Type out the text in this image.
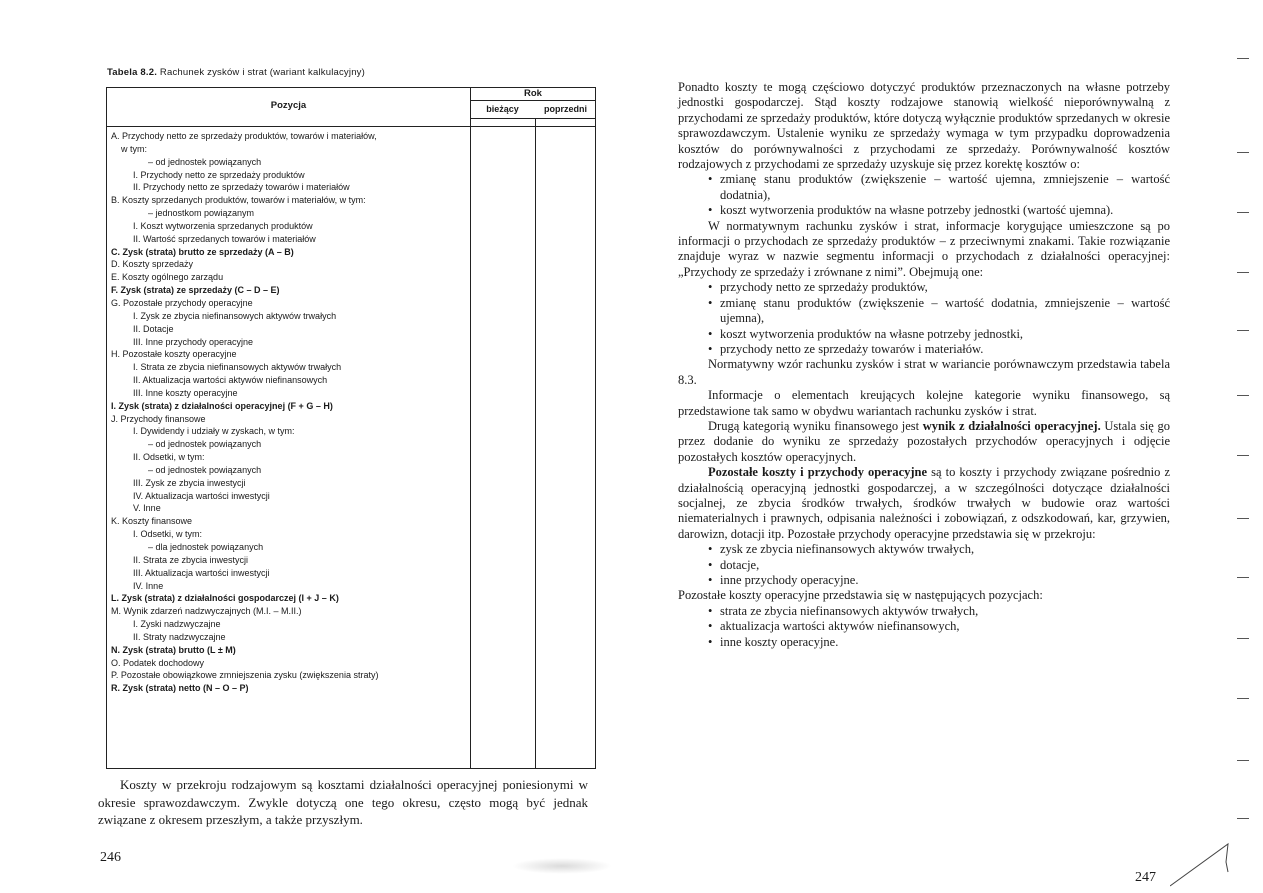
Tabela 8.2. Rachunek zysków i strat (wariant kalkulacyjny)
Pozycja
Rok
bieżący	poprzedni
A. Przychody netto ze sprzedaży produktów, towarów i materiałów,
w tym:
– od jednostek powiązanych
I. Przychody netto ze sprzedaży produktów
II. Przychody netto ze sprzedaży towarów i materiałów
B. Koszty sprzedanych produktów, towarów i materiałów, w tym:
– jednostkom powiązanym
I. Koszt wytworzenia sprzedanych produktów
II. Wartość sprzedanych towarów i materiałów
C. Zysk (strata) brutto ze sprzedaży (A – B)
D. Koszty sprzedaży
E. Koszty ogólnego zarządu
F. Zysk (strata) ze sprzedaży (C – D – E)
G. Pozostałe przychody operacyjne
I. Zysk ze zbycia niefinansowych aktywów trwałych
II. Dotacje
III. Inne przychody operacyjne
H. Pozostałe koszty operacyjne
I. Strata ze zbycia niefinansowych aktywów trwałych
II. Aktualizacja wartości aktywów niefinansowych
III. Inne koszty operacyjne
I. Zysk (strata) z działalności operacyjnej (F + G – H)
J. Przychody finansowe
I. Dywidendy i udziały w zyskach, w tym:
– od jednostek powiązanych
II. Odsetki, w tym:
– od jednostek powiązanych
III. Zysk ze zbycia inwestycji
IV. Aktualizacja wartości inwestycji
V. Inne
K. Koszty finansowe
I. Odsetki, w tym:
– dla jednostek powiązanych
II. Strata ze zbycia inwestycji
III. Aktualizacja wartości inwestycji
IV. Inne
L. Zysk (strata) z działalności gospodarczej (I + J – K)
M. Wynik zdarzeń nadzwyczajnych (M.I. – M.II.)
I. Zyski nadzwyczajne
II. Straty nadzwyczajne
N. Zysk (strata) brutto (L ± M)
O. Podatek dochodowy
P. Pozostałe obowiązkowe zmniejszenia zysku (zwiększenia straty)
R. Zysk (strata) netto (N – O – P)

Koszty w przekroju rodzajowym są kosztami działalności operacyjnej poniesionymi w okresie sprawozdawczym. Zwykle dotyczą one tego okresu, często mogą być jednak związane z okresem przeszłym, a także przyszłym.

246

Ponadto koszty te mogą częściowo dotyczyć produktów przeznaczonych na własne potrzeby jednostki gospodarczej. Stąd koszty rodzajowe stanowią wielkość nieporównywalną z przychodami ze sprzedaży produktów, które dotyczą wyłącznie produktów sprzedanych w okresie sprawozdawczym. Ustalenie wyniku ze sprzedaży wymaga w tym przypadku doprowadzenia kosztów do porównywalności z przychodami ze sprzedaży. Porównywalność kosztów rodzajowych z przychodami ze sprzedaży uzyskuje się przez korektę kosztów o:

• zmianę stanu produktów (zwiększenie – wartość ujemna, zmniejszenie – wartość dodatnia),
• koszt wytworzenia produktów na własne potrzeby jednostki (wartość ujemna).

W normatywnym rachunku zysków i strat, informacje korygujące umieszczone są po informacji o przychodach ze sprzedaży produktów – z przeciwnymi znakami. Takie rozwiązanie znajduje wyraz w nazwie segmentu informacji o przychodach z działalności operacyjnej: „Przychody ze sprzedaży i zrównane z nimi”. Obejmują one:

• przychody netto ze sprzedaży produktów,
• zmianę stanu produktów (zwiększenie – wartość dodatnia, zmniejszenie – wartość ujemna),
• koszt wytworzenia produktów na własne potrzeby jednostki,
• przychody netto ze sprzedaży towarów i materiałów.

Normatywny wzór rachunku zysków i strat w wariancie porównawczym przedstawia tabela 8.3.

Informacje o elementach kreujących kolejne kategorie wyniku finansowego, są przedstawione tak samo w obydwu wariantach rachunku zysków i strat.

Drugą kategorią wyniku finansowego jest wynik z działalności operacyjnej. Ustala się go przez dodanie do wyniku ze sprzedaży pozostałych przychodów operacyjnych i odjęcie pozostałych kosztów operacyjnych.

Pozostałe koszty i przychody operacyjne są to koszty i przychody związane pośrednio z działalnością operacyjną jednostki gospodarczej, a w szczególności dotyczące działalności socjalnej, ze zbycia środków trwałych, środków trwałych w budowie oraz wartości niematerialnych i prawnych, odpisania należności i zobowiązań, z odszkodowań, kar, grzywien, darowizn, dotacji itp. Pozostałe przychody operacyjne przedstawia się w przekroju:

• zysk ze zbycia niefinansowych aktywów trwałych,
• dotacje,
• inne przychody operacyjne.

Pozostałe koszty operacyjne przedstawia się w następujących pozycjach:

• strata ze zbycia niefinansowych aktywów trwałych,
• aktualizacja wartości aktywów niefinansowych,
• inne koszty operacyjne.
247
